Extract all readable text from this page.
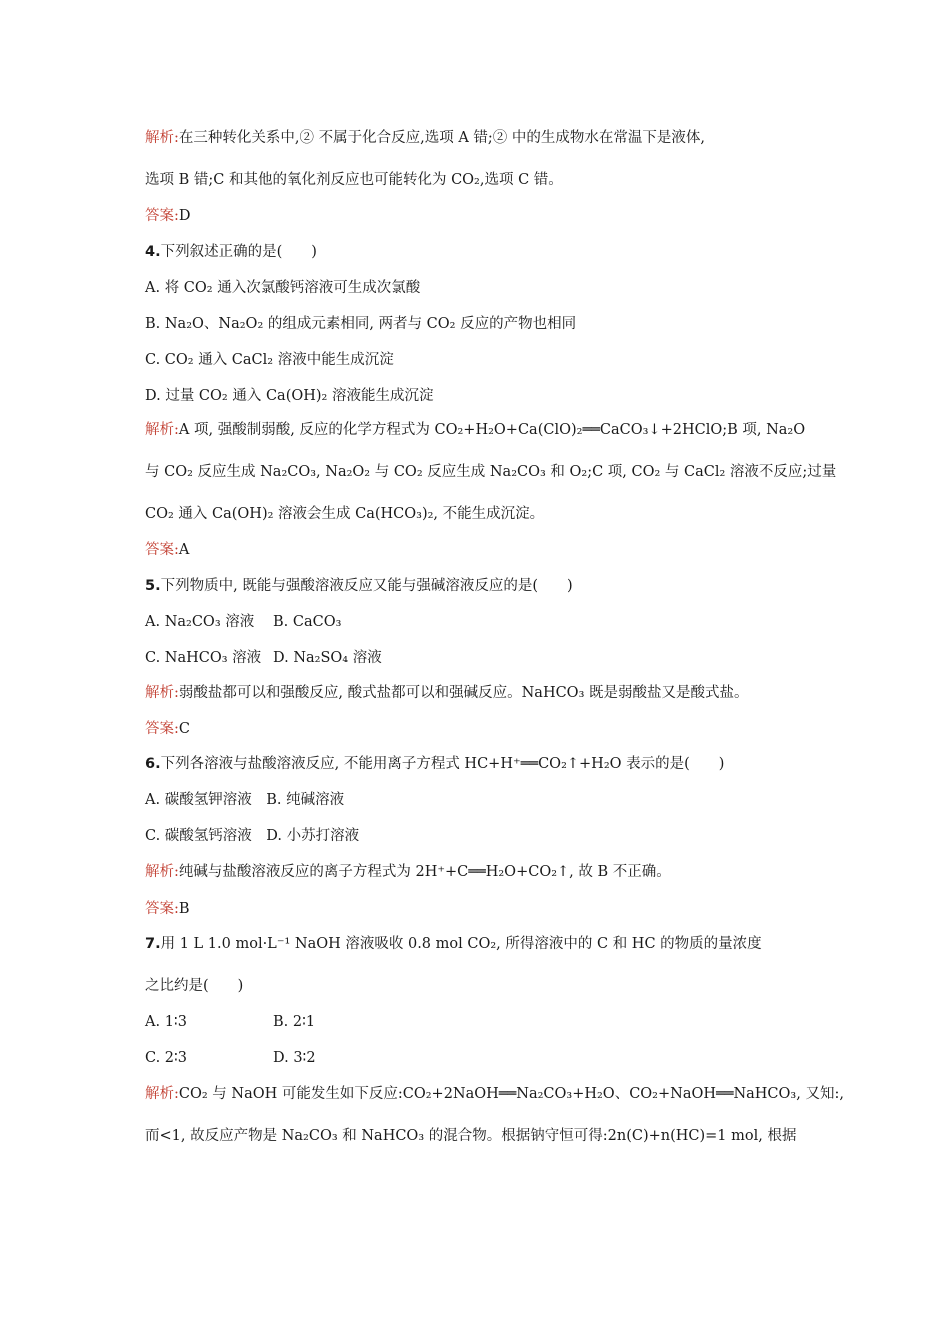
解析:在三种转化关系中,② 不属于化合反应,选项 A 错;② 中的生成物水在常温下是液体,
选项 B 错;C 和其他的氧化剂反应也可能转化为 CO₂,选项 C 错。
答案:D
4.下列叙述正确的是(　　)
A. 将 CO₂ 通入次氯酸钙溶液可生成次氯酸
B. Na₂O、Na₂O₂ 的组成元素相同, 两者与 CO₂ 反应的产物也相同
C. CO₂ 通入 CaCl₂ 溶液中能生成沉淀
D. 过量 CO₂ 通入 Ca(OH)₂ 溶液能生成沉淀
解析:A 项, 强酸制弱酸, 反应的化学方程式为 CO₂+H₂O+Ca(ClO)₂══CaCO₃↓+2HClO;B 项, Na₂O
与 CO₂ 反应生成 Na₂CO₃, Na₂O₂ 与 CO₂ 反应生成 Na₂CO₃ 和 O₂;C 项, CO₂ 与 CaCl₂ 溶液不反应;过量
CO₂ 通入 Ca(OH)₂ 溶液会生成 Ca(HCO₃)₂, 不能生成沉淀。
答案:A
5.下列物质中, 既能与强酸溶液反应又能与强碱溶液反应的是(　　)
A. Na₂CO₃ 溶液 B. CaCO₃
C. NaHCO₃ 溶液 D. Na₂SO₄ 溶液
解析:弱酸盐都可以和强酸反应, 酸式盐都可以和强碱反应。NaHCO₃ 既是弱酸盐又是酸式盐。
答案:C
6.下列各溶液与盐酸溶液反应, 不能用离子方程式 HC+H⁺══CO₂↑+H₂O 表示的是(　　)
A. 碳酸氢钾溶液　B. 纯碱溶液
C. 碳酸氢钙溶液　D. 小苏打溶液
解析:纯碱与盐酸溶液反应的离子方程式为 2H⁺+C══H₂O+CO₂↑, 故 B 不正确。
答案:B
7.用 1 L 1.0 mol·L⁻¹ NaOH 溶液吸收 0.8 mol CO₂, 所得溶液中的 C 和 HC 的物质的量浓度
之比约是(　　)
A. 1∶3	B. 2∶1
C. 2∶3	D. 3∶2
解析:CO₂ 与 NaOH 可能发生如下反应:CO₂+2NaOH══Na₂CO₃+H₂O、CO₂+NaOH══NaHCO₃, 又知:,
而<1, 故反应产物是 Na₂CO₃ 和 NaHCO₃ 的混合物。根据钠守恒可得:2n(C)+n(HC)=1 mol, 根据
